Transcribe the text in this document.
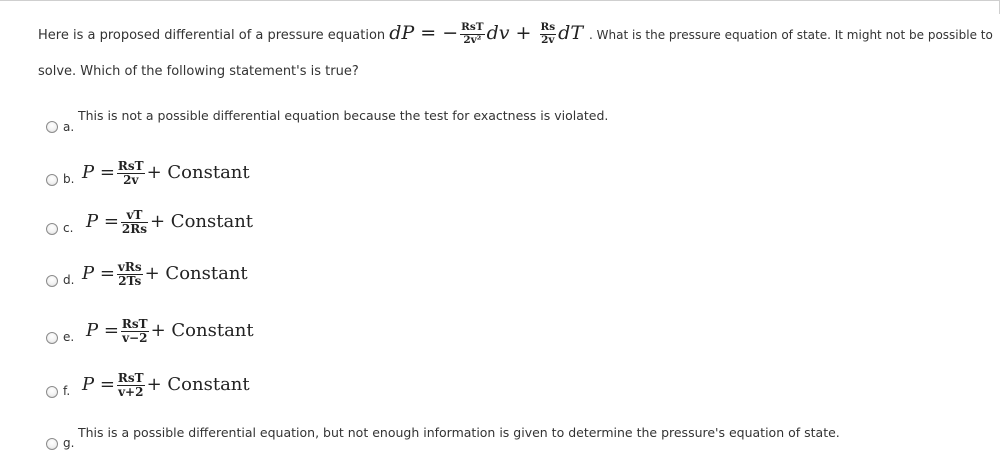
Here is a proposed differential of a pressure equation dP = − $\frac{\text{RsT}}{\text{2v²}}$ dv + $\frac{Rs}{2v}$ dT . What is the pressure equation of state. It might not be possible to
solve. Which of the following statement's is true?
a.
This is not a possible differential equation because the test for exactness is violated.
b. $P = \frac{\text{RsT}}{2v}$ + Constant
c. $P = \frac{vT}{2Rs}$ + Constant
d. $P = \frac{\text{vRs}}{2Ts}$ + Constant
e. $P = \frac{\text{RsT}}{v-2}$ + Constant
f. $P = \frac{\text{RsT}}{v+2}$ + Constant
g.
This is a possible differential equation, but not enough information is given to determine the pressure's equation of state.
